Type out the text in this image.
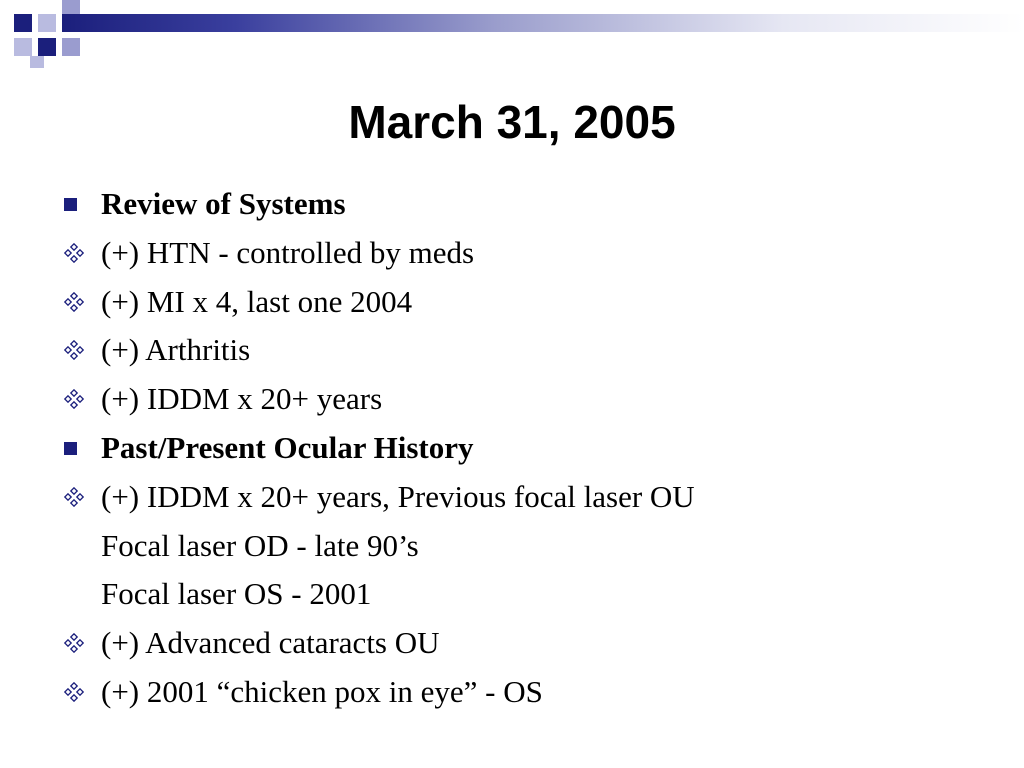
March 31, 2005
Review of Systems
(+) HTN - controlled by meds
(+) MI x 4, last one 2004
(+) Arthritis
(+) IDDM x 20+ years
Past/Present Ocular History
(+) IDDM x 20+ years, Previous focal laser OU
Focal laser OD - late 90’s
Focal laser OS - 2001
(+) Advanced cataracts OU
(+) 2001 “chicken pox in eye” - OS
